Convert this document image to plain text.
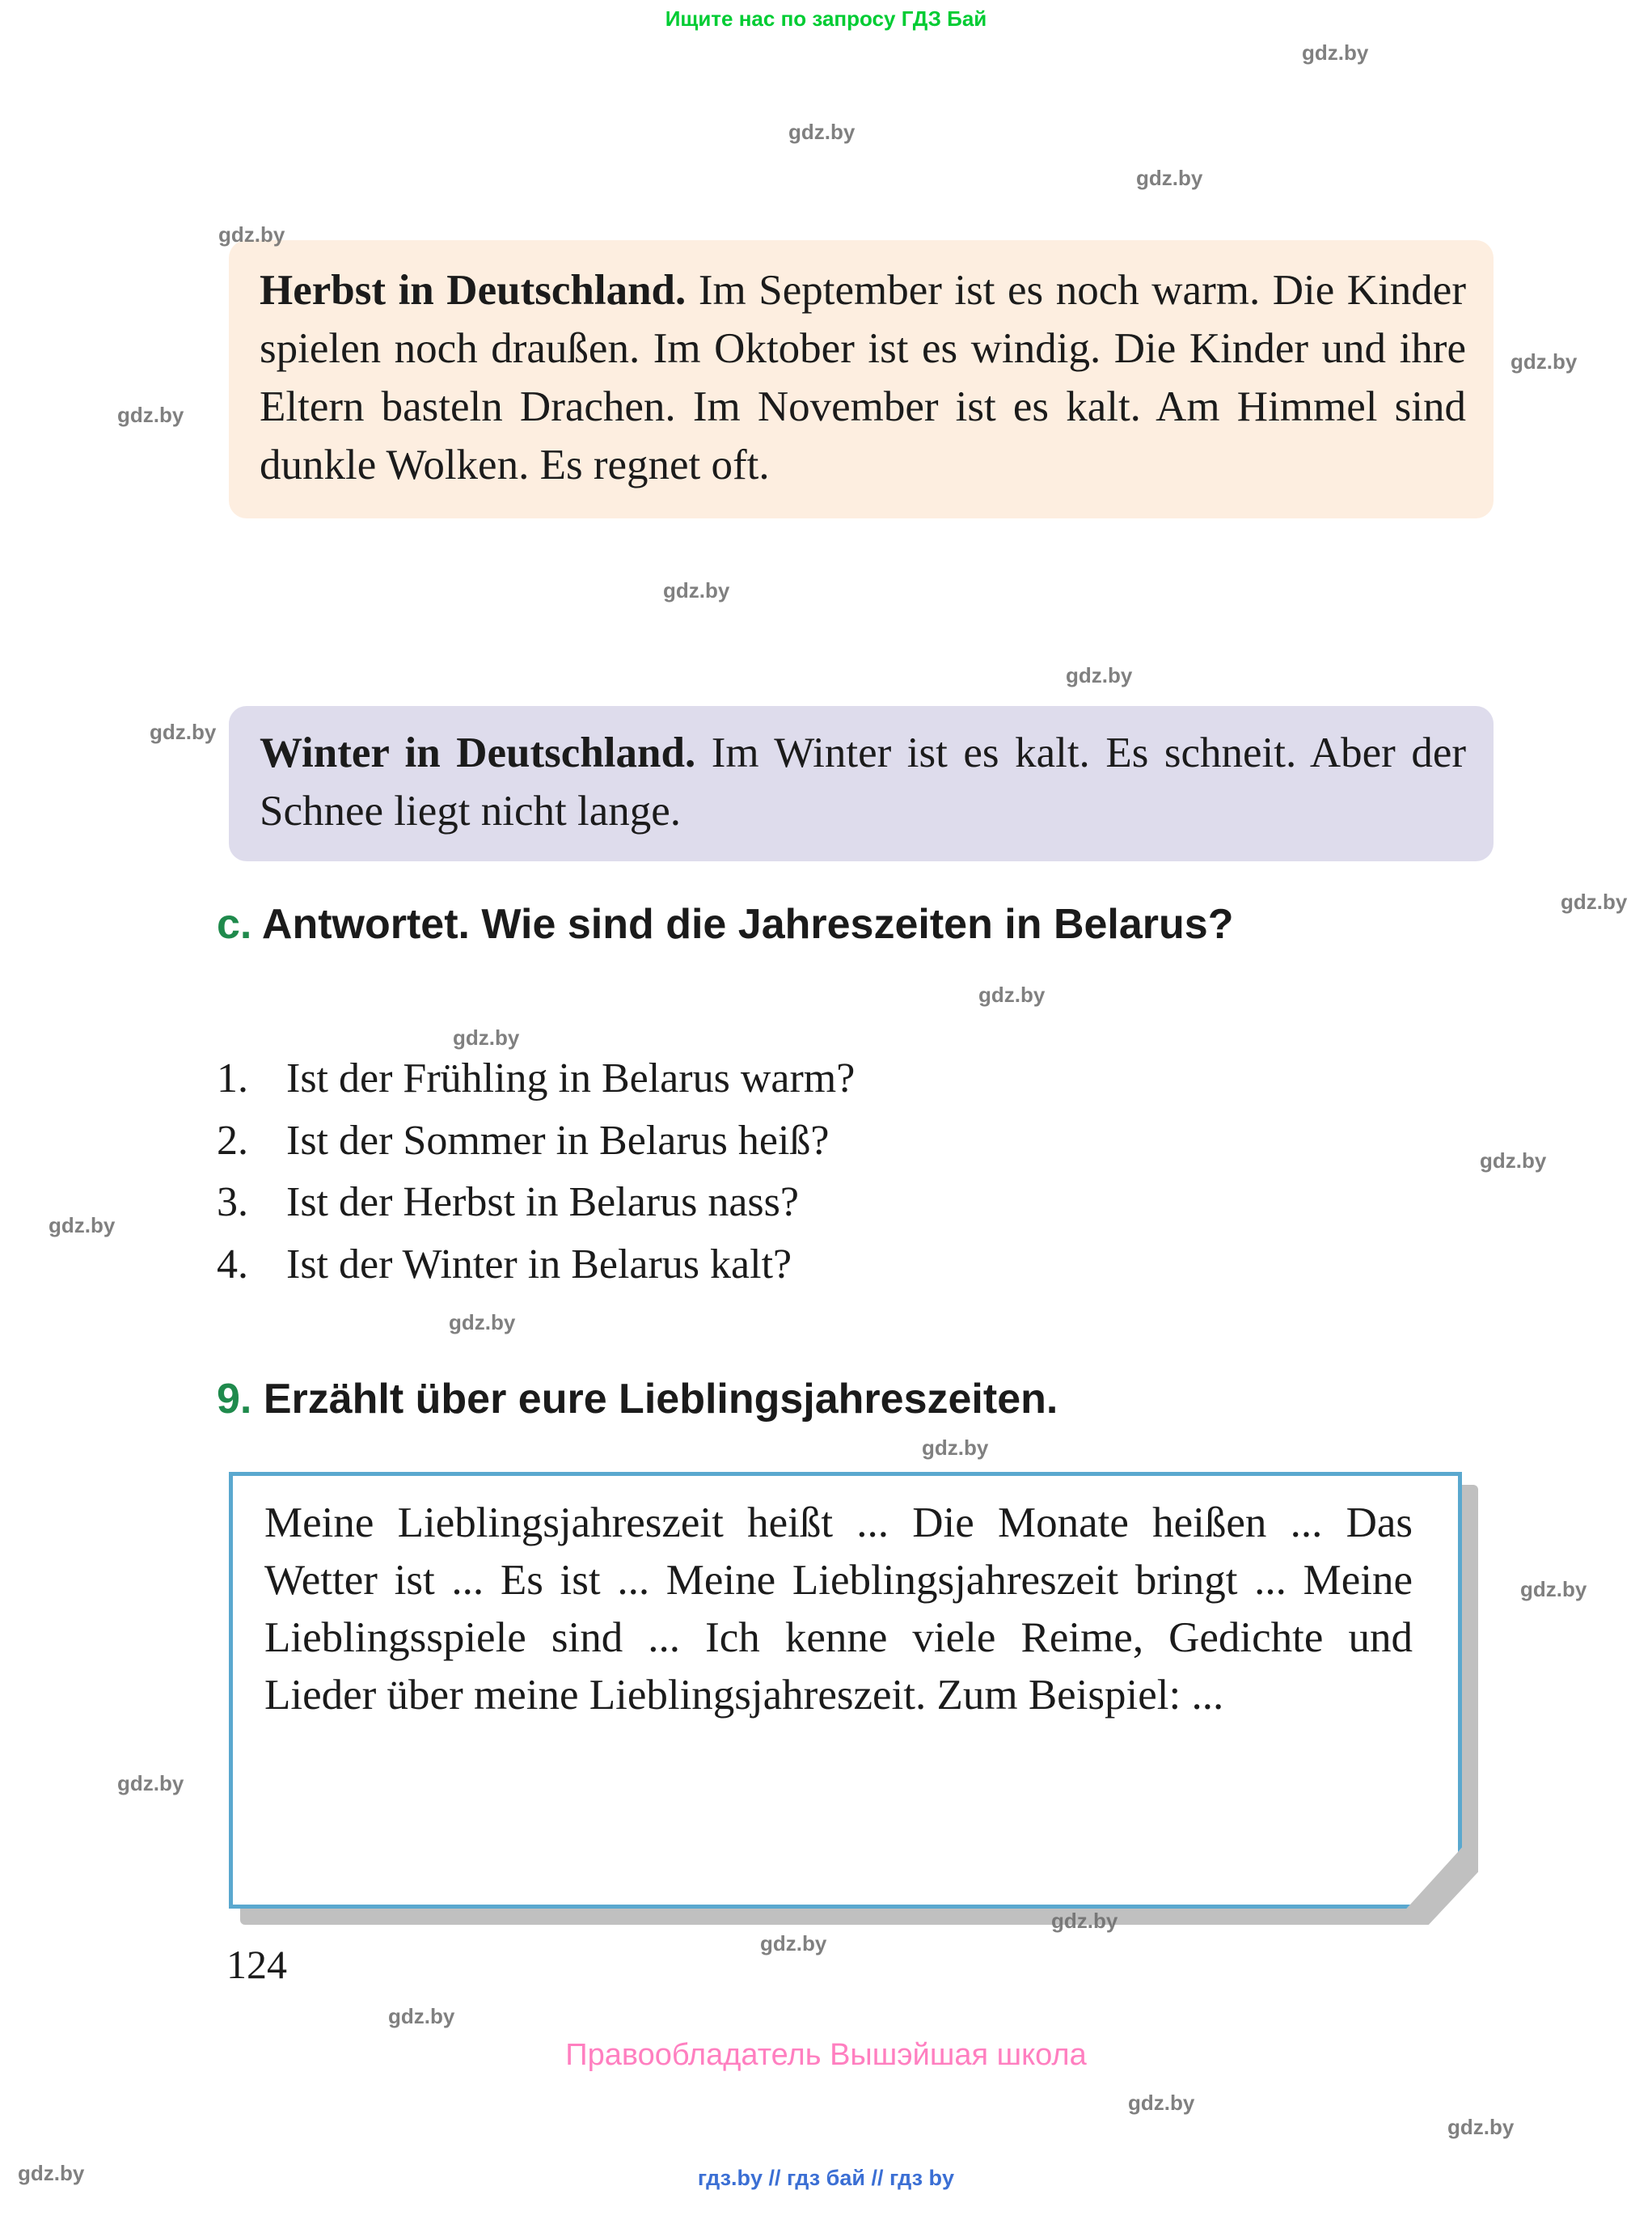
Ищите нас по запросу ГДЗ Бай

Herbst in Deutschland. Im September ist es noch warm. Die Kinder spielen noch draußen. Im Oktober ist es windig. Die Kinder und ihre Eltern basteln Drachen. Im November ist es kalt. Am Himmel sind dunkle Wolken. Es regnet oft.

Winter in Deutschland. Im Winter ist es kalt. Es schneit. Aber der Schnee liegt nicht lange.

c. Antwortet. Wie sind die Jahreszeiten in Belarus?
1. Ist der Frühling in Belarus warm?
2. Ist der Sommer in Belarus heiß?
3. Ist der Herbst in Belarus nass?
4. Ist der Winter in Belarus kalt?
9. Erzählt über eure Lieblingsjahreszeiten.
Meine Lieblingsjahreszeit heißt ... Die Monate heißen ... Das Wetter ist ... Es ist ... Meine Lieblingsjahreszeit bringt ... Meine Lieblingsspiele sind ... Ich kenne viele Reime, Gedichte und Lieder über meine Lieblingsjahreszeit. Zum Beispiel: ...
124
Правообладатель Вышэйшая школа
гдз.by // гдз бай // гдз by
gdz.by
gdz.by
gdz.by
gdz.by
gdz.by
gdz.by
gdz.by
gdz.by
gdz.by
gdz.by
gdz.by
gdz.by
gdz.by
gdz.by
gdz.by
gdz.by
gdz.by
gdz.by
gdz.by
gdz.by
gdz.by
gdz.by
gdz.by
gdz.by
